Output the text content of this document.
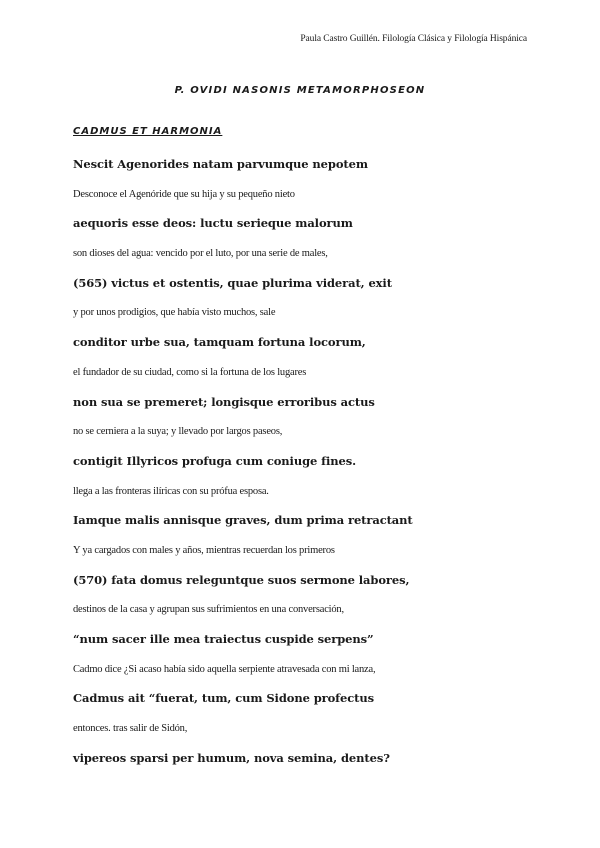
Paula Castro Guillén. Filología Clásica y Filología Hispánica
P. OVIDI NASONIS METAMORPHOSEON
CADMUS ET HARMONIA
Nescit Agenorides natam parvumque nepotem
Desconoce el Agenóride que su hija y su pequeño nieto
aequoris esse deos: luctu serieque malorum
son dioses del agua: vencido por el luto, por una serie de males,
(565) victus et ostentis, quae plurima viderat, exit
y por unos prodigios, que había visto muchos, sale
conditor urbe sua, tamquam fortuna locorum,
el fundador de su ciudad, como si la fortuna de los lugares
non sua se premeret; longisque erroribus actus
no se cerniera a la suya; y llevado por largos paseos,
contigit Illyricos profuga cum coniuge fines.
llega a las fronteras ilíricas con su prófua esposa.
Iamque malis annisque graves, dum prima retractant
Y ya cargados con males y años, mientras recuerdan los primeros
(570) fata domus releguntque suos sermone labores,
destinos de la casa y agrupan sus sufrimientos en una conversación,
“num sacer ille mea traiectus cuspide serpens”
Cadmo dice ¿Si acaso había sido aquella serpiente atravesada con mi lanza,
Cadmus ait “fuerat, tum, cum Sidone profectus
entonces. tras salir de Sidón,
vipereos sparsi per humum, nova semina, dentes?
